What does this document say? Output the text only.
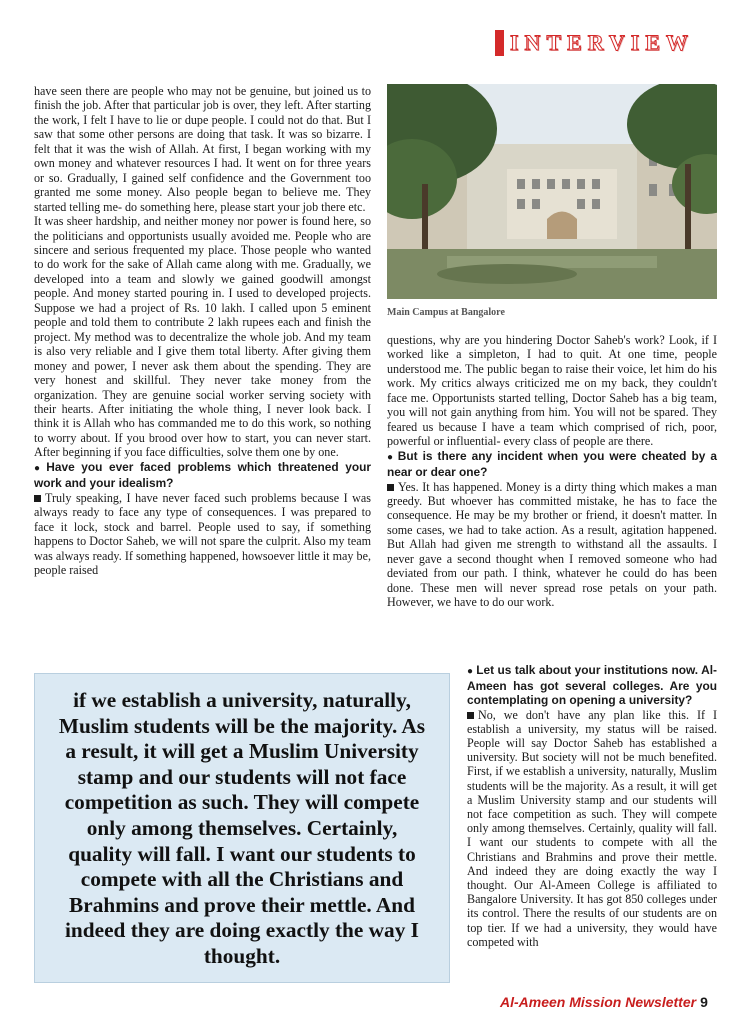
INTERVIEW

have seen there are people who may not be genuine, but joined us to finish the job. After that particular job is over, they left. After starting the work, I felt I have to lie or dupe people. I could not do that. But I saw that some other persons are doing that task. It was so bizarre. I felt that it was the wish of Allah. At first, I began working with my own money and whatever resources I had. It went on for three years or so. Gradually, I gained self confidence and the Government too granted me some money. Also people began to believe me. They started telling me- do something here, please start your job there etc.

It was sheer hardship, and neither money nor power is found here, so the politicians and opportunists usually avoided me. People who are sincere and serious frequented my place. Those people who wanted to do work for the sake of Allah came along with me. Gradually, we developed into a team and slowly we gained goodwill amongst people. And money started pouring in. I used to developed projects. Suppose we had a project of Rs. 10 lakh. I called upon 5 eminent people and told them to contribute 2 lakh rupees each and finish the project. My method was to decentralize the whole job. And my team is also very reliable and I give them total liberty. After giving them money and power, I never ask them about the spending. They are very honest and skillful. They never take money from the organization. They are genuine social worker serving society with their hearts. After initiating the whole thing, I never look back. I think it is Allah who has commanded me to do this work, so nothing to worry about. If you brood over how to start, you can never start. After beginning if you face difficulties, solve them one by one.

● Have you ever faced problems which threatened your work and your idealism?

Truly speaking, I have never faced such problems because I was always ready to face any type of consequences. I was prepared to face it lock, stock and barrel. People used to say, if something happens to Doctor Saheb, we will not spare the culprit. Also my team was always ready. If something happened, howsoever little it may be, people raised

Main Campus at Bangalore

questions, why are you hindering Doctor Saheb's work? Look, if I worked like a simpleton, I had to quit. At one time, people understood me. The public began to raise their voice, let him do his work. My critics always criticized me on my back, they couldn't face me. Opportunists started telling, Doctor Saheb has a big team, you will not gain anything from him. You will not be spared. They feared us because I have a team which comprised of rich, poor, powerful or influential- every class of people are there.

● But is there any incident when you were cheated by a near or dear one?

Yes. It has happened. Money is a dirty thing which makes a man greedy. But whoever has committed mistake, he has to face the consequence. He may be my brother or friend, it doesn't matter. In some cases, we had to take action. As a result, agitation happened. But Allah had given me strength to withstand all the assaults. I never gave a second thought when I removed someone who had deviated from our path. I think, whatever he could do has been done. These men will never spread rose petals on your path. However, we have to do our work.

if we establish a university, naturally, Muslim students will be the majority. As a result, it will get a Muslim University stamp and our students will not face competition as such. They will compete only among themselves. Certainly, quality will fall. I want our students to compete with all the Christians and Brahmins and prove their mettle. And indeed they are doing exactly the way I thought.

● Let us talk about your institutions now. Al-Ameen has got several colleges. Are you contemplating on opening a university?

No, we don't have any plan like this. If I establish a university, my status will be raised. People will say Doctor Saheb has established a university. But society will not be much benefited. First, if we establish a university, naturally, Muslim students will be the majority. As a result, it will get a Muslim University stamp and our students will not face competition as such. They will compete only among themselves. Certainly, quality will fall. I want our students to compete with all the Christians and Brahmins and prove their mettle. And indeed they are doing exactly the way I thought. Our Al-Ameen College is affiliated to Bangalore University. It has got 850 colleges under its control. There the results of our students are on top tier. If we had a university, they would have competed with

Al-Ameen Mission Newsletter 9
